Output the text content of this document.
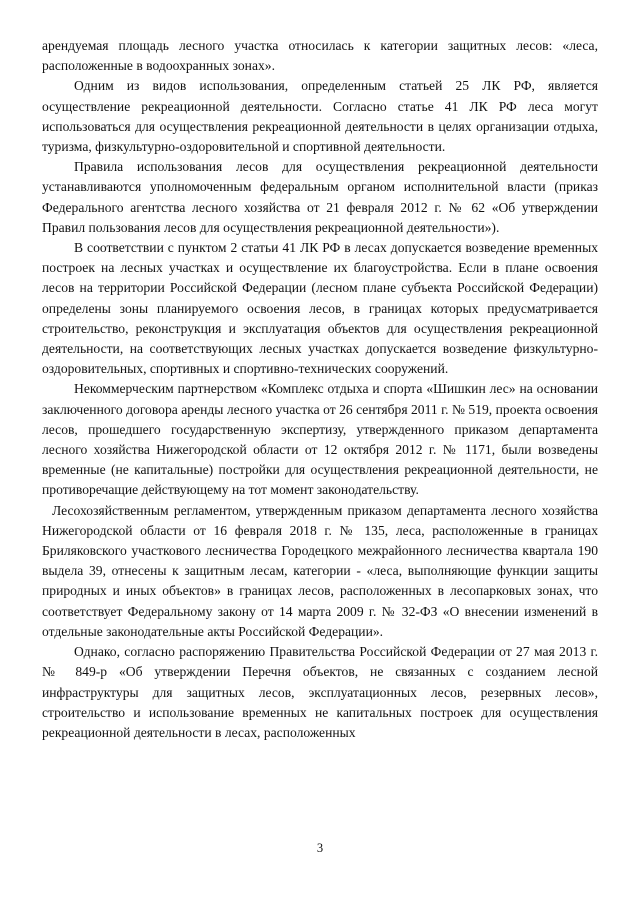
арендуемая площадь лесного участка относилась к категории защитных лесов: «леса, расположенные в водоохранных зонах».

Одним из видов использования, определенным статьей 25 ЛК РФ, является осуществление рекреационной деятельности. Согласно статье 41 ЛК РФ леса могут использоваться для осуществления рекреационной деятельности в целях организации отдыха, туризма, физкультурно-оздоровительной и спортивной деятельности.

Правила использования лесов для осуществления рекреационной деятельности устанавливаются уполномоченным федеральным органом исполнительной власти (приказ Федерального агентства лесного хозяйства от 21 февраля 2012 г. № 62 «Об утверждении Правил пользования лесов для осуществления рекреационной деятельности»).

В соответствии с пунктом 2 статьи 41 ЛК РФ в лесах допускается возведение временных построек на лесных участках и осуществление их благоустройства. Если в плане освоения лесов на территории Российской Федерации (лесном плане субъекта Российской Федерации) определены зоны планируемого освоения лесов, в границах которых предусматривается строительство, реконструкция и эксплуатация объектов для осуществления рекреационной деятельности, на соответствующих лесных участках допускается возведение физкультурно-оздоровительных, спортивных и спортивно-технических сооружений.

Некоммерческим партнерством «Комплекс отдыха и спорта «Шишкин лес» на основании заключенного договора аренды лесного участка от 26 сентября 2011 г. № 519, проекта освоения лесов, прошедшего государственную экспертизу, утвержденного приказом департамента лесного хозяйства Нижегородской области от 12 октября 2012 г. № 1171, были возведены временные (не капитальные) постройки для осуществления рекреационной деятельности, не противоречащие действующему на тот момент законодательству.

Лесохозяйственным регламентом, утвержденным приказом департамента лесного хозяйства Нижегородской области от 16 февраля 2018 г. № 135, леса, расположенные в границах Бриляковского участкового лесничества Городецкого межрайонного лесничества квартала 190 выдела 39, отнесены к защитным лесам, категории - «леса, выполняющие функции защиты природных и иных объектов» в границах лесов, расположенных в лесопарковых зонах, что соответствует Федеральному закону от 14 марта 2009 г. № 32-ФЗ «О внесении изменений в отдельные законодательные акты Российской Федерации».

Однако, согласно распоряжению Правительства Российской Федерации от 27 мая 2013 г. № 849-р «Об утверждении Перечня объектов, не связанных с созданием лесной инфраструктуры для защитных лесов, эксплуатационных лесов, резервных лесов», строительство и использование временных не капитальных построек для осуществления рекреационной деятельности в лесах, расположенных

3
